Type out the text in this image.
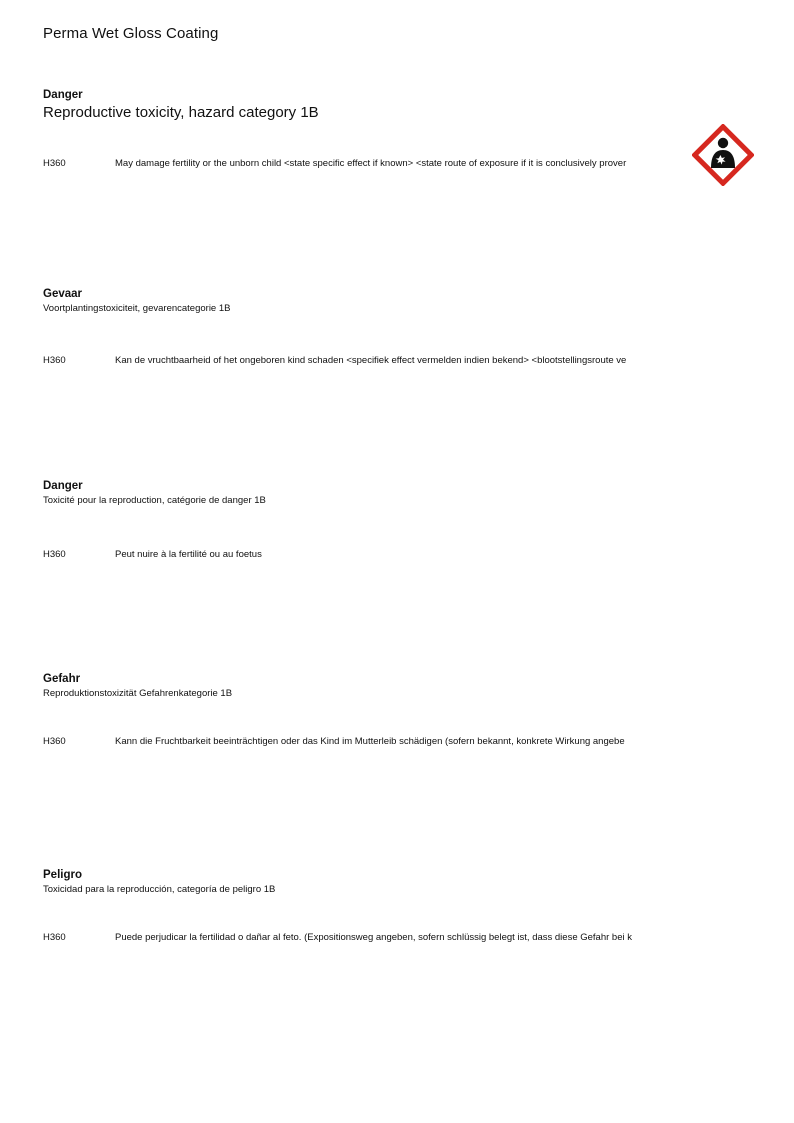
Perma Wet Gloss Coating
Danger
Reproductive toxicity, hazard category 1B
H360	May damage fertility or the unborn child <state specific effect if known> <state route of exposure if it is conclusively prover
Gevaar
Voortplantingstoxiciteit, gevarencategorie 1B
H360	Kan de vruchtbaarheid of het ongeboren kind schaden <specifiek effect vermelden indien bekend> <blootstellingsroute ve
Danger
Toxicité pour la reproduction, catégorie de danger 1B
H360	Peut nuire à la fertilité ou au foetus
Gefahr
Reproduktionstoxizität Gefahrenkategorie 1B
H360	Kann die Fruchtbarkeit beeinträchtigen oder das Kind im Mutterleib schädigen (sofern bekannt, konkrete Wirkung angebe
Peligro
Toxicidad para la reproducción, categoría de peligro 1B
H360	Puede perjudicar la fertilidad o dañar al feto. (Expositionsweg angeben, sofern schlüssig belegt ist, dass diese Gefahr bei k
